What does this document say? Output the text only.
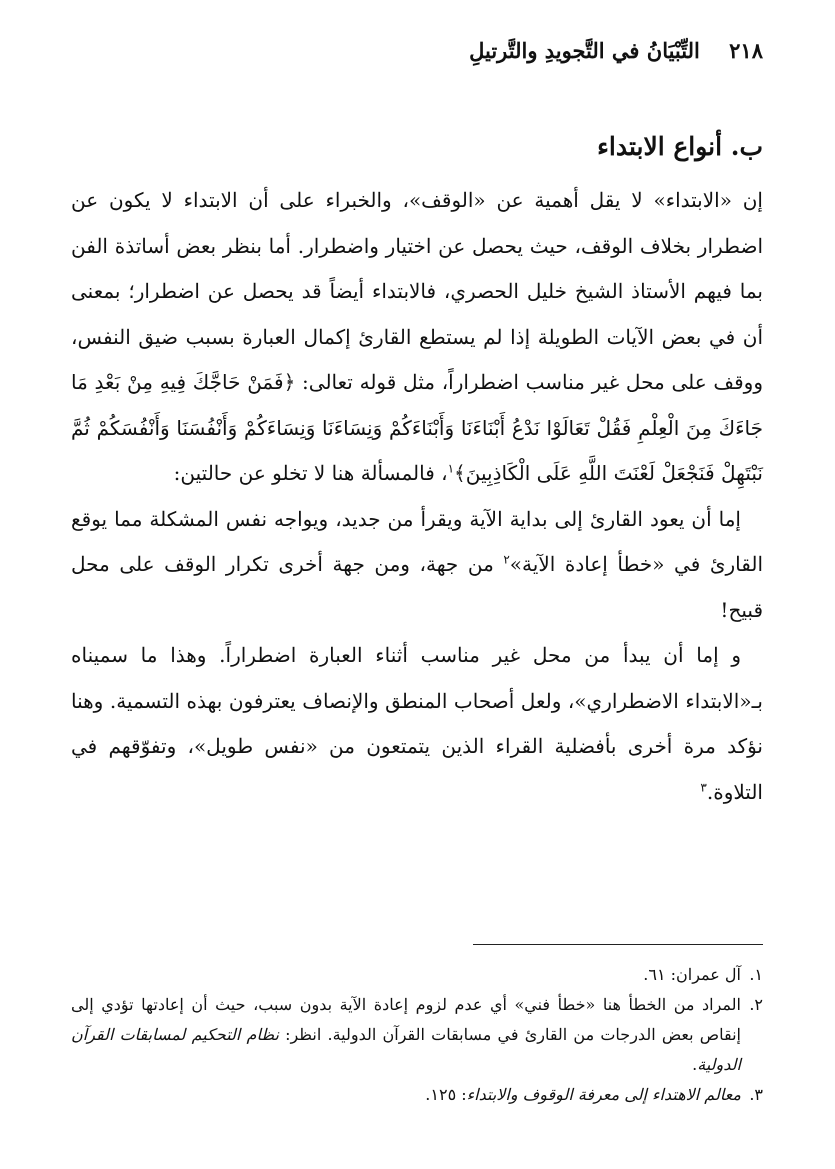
٢١٨ التِّبْيَانُ في التَّجويدِ والتَّرتيلِ
ب. أنواع الابتداء

إن «الابتداء» لا يقل أهمية عن «الوقف»، والخبراء على أن الابتداء لا يكون عن اضطرار بخلاف الوقف، حيث يحصل عن اختيار واضطرار. أما بنظر بعض أساتذة الفن بما فيهم الأستاذ الشيخ خليل الحصري، فالابتداء أيضاً قد يحصل عن اضطرار؛ بمعنى أن في بعض الآيات الطويلة إذا لم يستطع القارئ إكمال العبارة بسبب ضيق النفس، ووقف على محل غير مناسب اضطراراً، مثل قوله تعالى: ﴿فَمَنْ حَاجَّكَ فِيهِ مِنْ بَعْدِ مَا جَاءَكَ مِنَ الْعِلْمِ فَقُلْ تَعَالَوْا نَدْعُ أَبْنَاءَنَا وَأَبْنَاءَكُمْ وَنِسَاءَنَا وَنِسَاءَكُمْ وَأَنْفُسَنَا وَأَنْفُسَكُمْ ثُمَّ نَبْتَهِلْ فَنَجْعَلْ لَعْنَتَ اللَّهِ عَلَى الْكَاذِبِينَ﴾$^١$، فالمسألة هنا لا تخلو عن حالتين:

إما أن يعود القارئ إلى بداية الآية ويقرأ من جديد، ويواجه نفس المشكلة مما يوقع القارئ في «خطأ إعادة الآية»$^٢$ من جهة، ومن جهة أخرى تكرار الوقف على محل قبيح!

و إما أن يبدأ من محل غير مناسب أثناء العبارة اضطراراً. وهذا ما سميناه بـ«الابتداء الاضطراري»، ولعل أصحاب المنطق والإنصاف يعترفون بهذه التسمية. وهنا نؤكد مرة أخرى بأفضلية القراء الذين يتمتعون من «نفس طويل»، وتفوّقهم في التلاوة.$^٣$

١.
آل عمران: ٦١.
٢.
المراد من الخطأ هنا «خطأ فني» أي عدم لزوم إعادة الآية بدون سبب، حيث أن إعادتها تؤدي إلى إنقاص بعض الدرجات من القارئ في مسابقات القرآن الدولية. انظر: نظام التحكيم لمسابقات القرآن الدولية.
٣.
معالم الاهتداء إلى معرفة الوقوف والابتداء: ١٢٥.
